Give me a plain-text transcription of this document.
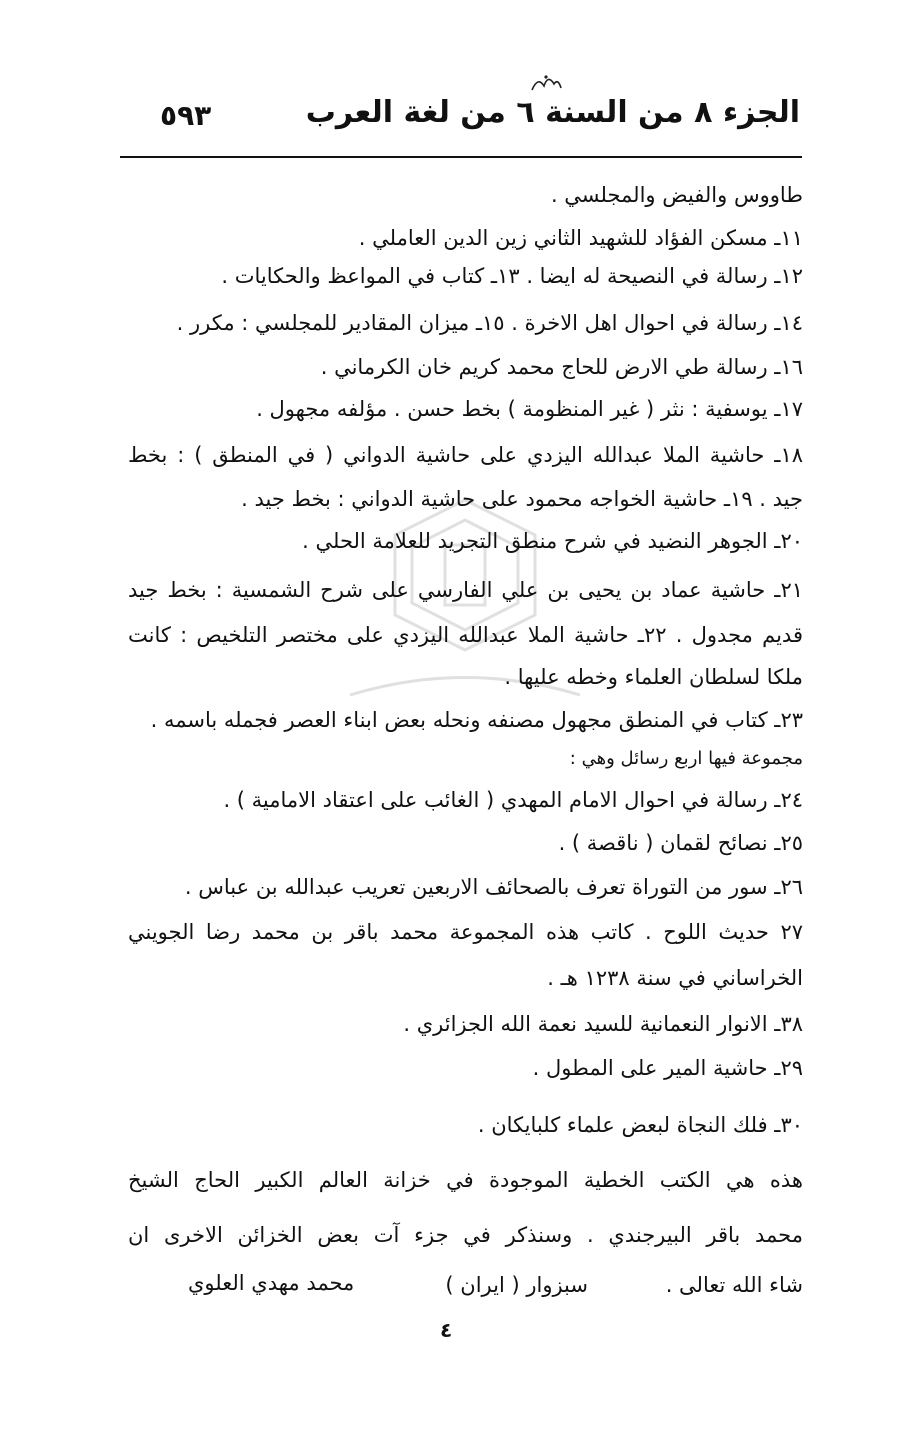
الجزء ٨ من السنة ٦ من لغة العرب
٥٩٣
طاووس والفيض والمجلسي .
١١ـ مسكن الفؤاد للشهيد الثاني زين الدين العاملي .
١٢ـ رسالة في النصيحة له ايضا . ١٣ـ كتاب في المواعظ والحكايات .
١٤ـ رسالة في احوال اهل الاخرة . ١٥ـ ميزان المقادير للمجلسي : مكرر .
١٦ـ رسالة طي الارض للحاج محمد كريم خان الكرماني .
١٧ـ يوسفية : نثر ( غير المنظومة ) بخط حسن . مؤلفه مجهول .
١٨ـ حاشية الملا عبدالله اليزدي على حاشية الدواني ( في المنطق ) : بخط
جيد . ١٩ـ حاشية الخواجه محمود على حاشية الدواني : بخط جيد .
٢٠ـ الجوهر النضيد في شرح منطق التجريد للعلامة الحلي .
٢١ـ حاشية عماد بن يحيى بن علي الفارسي على شرح الشمسية : بخط جيد
قديم مجدول . ٢٢ـ حاشية الملا عبدالله اليزدي على مختصر التلخيص : كانت
ملكا لسلطان العلماء وخطه عليها .
٢٣ـ كتاب في المنطق مجهول مصنفه ونحله بعض ابناء العصر فجمله باسمه .
مجموعة فيها اربع رسائل وهي :
٢٤ـ رسالة في احوال الامام المهدي ( الغائب على اعتقاد الامامية ) .
٢٥ـ نصائح لقمان ( ناقصة ) .
٢٦ـ سور من التوراة تعرف بالصحائف الاربعين تعريب عبدالله بن عباس .
٢٧ حديث اللوح . كاتب هذه المجموعة محمد باقر بن محمد رضا الجويني
الخراساني في سنة ١٢٣٨ هـ .
٣٨ـ الانوار النعمانية للسيد نعمة الله الجزائري .
٢٩ـ حاشية المير على المطول .
٣٠ـ فلك النجاة لبعض علماء كلبايكان .
هذه هي الكتب الخطية الموجودة في خزانة العالم الكبير الحاج الشيخ
محمد باقر البيرجندي . وسنذكر في جزء آت بعض الخزائن الاخرى ان
شاء الله تعالى .
سبزوار ( ايران )
محمد مهدي العلوي
٤
